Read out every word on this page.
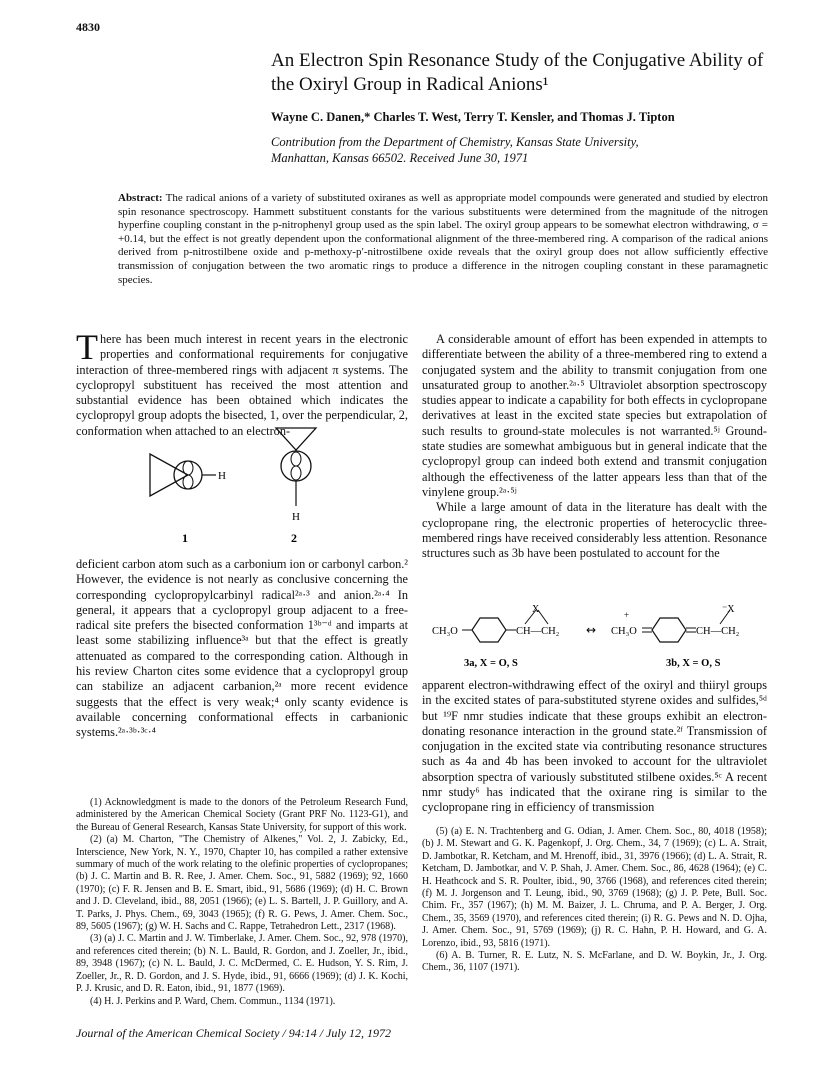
4830
An Electron Spin Resonance Study of the Conjugative Ability of the Oxiryl Group in Radical Anions¹
Wayne C. Danen,* Charles T. West, Terry T. Kensler, and Thomas J. Tipton
Contribution from the Department of Chemistry, Kansas State University,
Manhattan, Kansas 66502. Received June 30, 1971
Abstract: The radical anions of a variety of substituted oxiranes as well as appropriate model compounds were generated and studied by electron spin resonance spectroscopy. Hammett substituent constants for the various substituents were determined from the magnitude of the nitrogen hyperfine coupling constant in the p-nitrophenyl group used as the spin label. The oxiryl group appears to be somewhat electron withdrawing, σ = +0.14, but the effect is not greatly dependent upon the conformational alignment of the three-membered ring. A comparison of the radical anions derived from p-nitrostilbene oxide and p-methoxy-p′-nitrostilbene oxide reveals that the oxiryl group does not allow sufficiently effective transmission of conjugation between the two aromatic rings to produce a difference in the nitrogen coupling constant in these paramagnetic species.
T here has been much interest in recent years in the electronic properties and conformational requirements for conjugative interaction of three-membered rings with adjacent π systems. The cyclopropyl substituent has received the most attention and substantial evidence has been obtained which indicates the cyclopropyl group adopts the bisected, 1, over the perpendicular, 2, conformation when attached to an electron-
H
1
H
2
deficient carbon atom such as a carbonium ion or carbonyl carbon.² However, the evidence is not nearly as conclusive concerning the corresponding cyclopropylcarbinyl radical²ᵃ·³ and anion.²ᵃ·⁴ In general, it appears that a cyclopropyl group adjacent to a free-radical site prefers the bisected conformation 1³ᵇ⁻ᵈ and imparts at least some stabilizing influence³ᵃ but that the effect is greatly attenuated as compared to the corresponding cation. Although in his review Charton cites some evidence that a cyclopropyl group can stabilize an adjacent carbanion,²ᵃ more recent evidence suggests that the effect is very weak;⁴ only scanty evidence is available concerning conformational effects in carbanionic systems.²ᵃ·³ᵇ·³ᶜ·⁴

A considerable amount of effort has been expended in attempts to differentiate between the ability of a three-membered ring to extend a conjugated system and the ability to transmit conjugation from one unsaturated group to another.²ᵃ·⁵ Ultraviolet absorption spectroscopy studies appear to indicate a capability for both effects in cyclopropane derivatives at least in the excited state species but extrapolation of such results to ground-state molecules is not warranted.⁵ʲ Ground-state studies are somewhat ambiguous but in general indicate that the cyclopropyl group can indeed both extend and transmit conjugation although the effectiveness of the latter appears less than that of the vinylene group.²ᵃ·⁵ʲ

While a large amount of data in the literature has dealt with the cyclopropane ring, the electronic properties of heterocyclic three-membered rings have received considerably less attention. Resonance structures such as 3b have been postulated to account for the

CH₃O	CH—CH₂
X
↔ CH₃O
+
CH—CH₂
⁻X
3a, X = O, S	3b, X = O, S
apparent electron-withdrawing effect of the oxiryl and thiiryl groups in the excited states of para-substituted styrene oxides and sulfides,⁵ᵈ but ¹⁹F nmr studies indicate that these groups exhibit an electron-donating resonance interaction in the ground state.²ᶠ Transmission of conjugation in the excited state via contributing resonance structures such as 4a and 4b has been invoked to account for the ultraviolet absorption spectra of variously substituted stilbene oxides.⁵ᶜ A recent nmr study⁶ has indicated that the oxirane ring is similar to the cyclopropane ring in efficiency of transmission

(1) Acknowledgment is made to the donors of the Petroleum Research Fund, administered by the American Chemical Society (Grant PRF No. 1123-G1), and the Bureau of General Research, Kansas State University, for support of this work.

(2) (a) M. Charton, "The Chemistry of Alkenes," Vol. 2, J. Zabicky, Ed., Interscience, New York, N. Y., 1970, Chapter 10, has compiled a rather extensive summary of much of the work relating to the olefinic properties of cyclopropanes; (b) J. C. Martin and B. R. Ree, J. Amer. Chem. Soc., 91, 5882 (1969); 92, 1660 (1970); (c) F. R. Jensen and B. E. Smart, ibid., 91, 5686 (1969); (d) H. C. Brown and J. D. Cleveland, ibid., 88, 2051 (1966); (e) L. S. Bartell, J. P. Guillory, and A. T. Parks, J. Phys. Chem., 69, 3043 (1965); (f) R. G. Pews, J. Amer. Chem. Soc., 89, 5605 (1967); (g) W. H. Sachs and C. Rappe, Tetrahedron Lett., 2317 (1968).

(3) (a) J. C. Martin and J. W. Timberlake, J. Amer. Chem. Soc., 92, 978 (1970), and references cited therein; (b) N. L. Bauld, R. Gordon, and J. Zoeller, Jr., ibid., 89, 3948 (1967); (c) N. L. Bauld, J. C. McDermed, C. E. Hudson, Y. S. Rim, J. Zoeller, Jr., R. D. Gordon, and J. S. Hyde, ibid., 91, 6666 (1969); (d) J. K. Kochi, P. J. Krusic, and D. R. Eaton, ibid., 91, 1877 (1969).

(4) H. J. Perkins and P. Ward, Chem. Commun., 1134 (1971).

(5) (a) E. N. Trachtenberg and G. Odian, J. Amer. Chem. Soc., 80, 4018 (1958); (b) J. M. Stewart and G. K. Pagenkopf, J. Org. Chem., 34, 7 (1969); (c) L. A. Strait, D. Jambotkar, R. Ketcham, and M. Hrenoff, ibid., 31, 3976 (1966); (d) L. A. Strait, R. Ketcham, D. Jambotkar, and V. P. Shah, J. Amer. Chem. Soc., 86, 4628 (1964); (e) C. H. Heathcock and S. R. Poulter, ibid., 90, 3766 (1968), and references cited therein; (f) M. J. Jorgenson and T. Leung, ibid., 90, 3769 (1968); (g) J. P. Pete, Bull. Soc. Chim. Fr., 357 (1967); (h) M. M. Baizer, J. L. Chruma, and P. A. Berger, J. Org. Chem., 35, 3569 (1970), and references cited therein; (i) R. G. Pews and N. D. Ojha, J. Amer. Chem. Soc., 91, 5769 (1969); (j) R. C. Hahn, P. H. Howard, and G. A. Lorenzo, ibid., 93, 5816 (1971).

(6) A. B. Turner, R. E. Lutz, N. S. McFarlane, and D. W. Boykin, Jr., J. Org. Chem., 36, 1107 (1971).

Journal of the American Chemical Society / 94:14 / July 12, 1972
